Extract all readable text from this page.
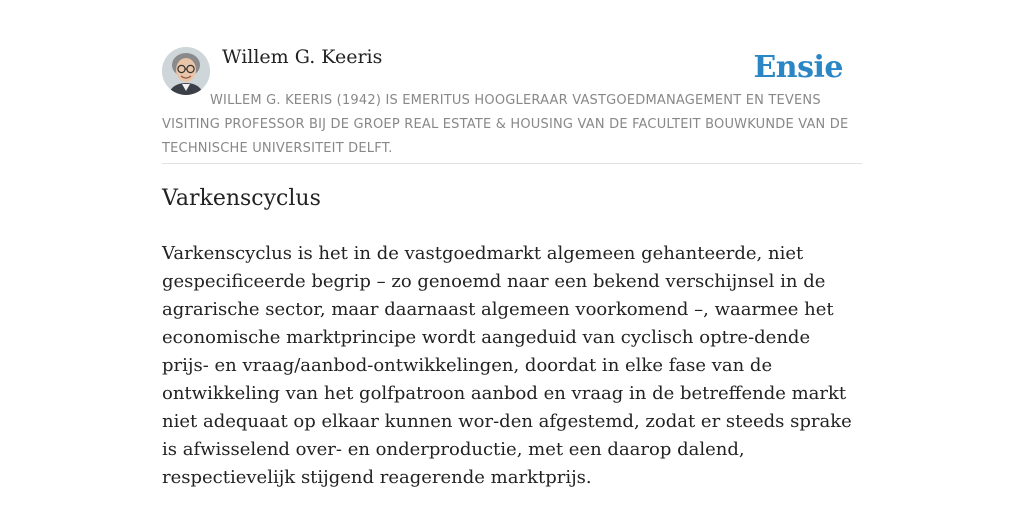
Willem G. Keeris	Ensie

WILLEM G. KEERIS (1942) IS EMERITUS HOOGLERAAR VASTGOEDMANAGEMENT EN TEVENS VISITING PROFESSOR BIJ DE GROEP REAL ESTATE & HOUSING VAN DE FACULTEIT BOUWKUNDE VAN DE TECHNISCHE UNIVERSITEIT DELFT.

Varkenscyclus

Varkenscyclus is het in de vastgoedmarkt algemeen gehanteerde, niet gespecificeerde begrip – zo genoemd naar een bekend verschijnsel in de agrarische sector, maar daarnaast algemeen voorkomend –, waarmee het economische marktprincipe wordt aangeduid van cyclisch optre-dende prijs- en vraag/aanbod-ontwikkelingen, doordat in elke fase van de ontwikkeling van het golfpatroon aanbod en vraag in de betreffende markt niet adequaat op elkaar kunnen wor-den afgestemd, zodat er steeds sprake is afwisselend over- en onderproductie, met een daarop dalend, respectievelijk stijgend reagerende marktprijs.
